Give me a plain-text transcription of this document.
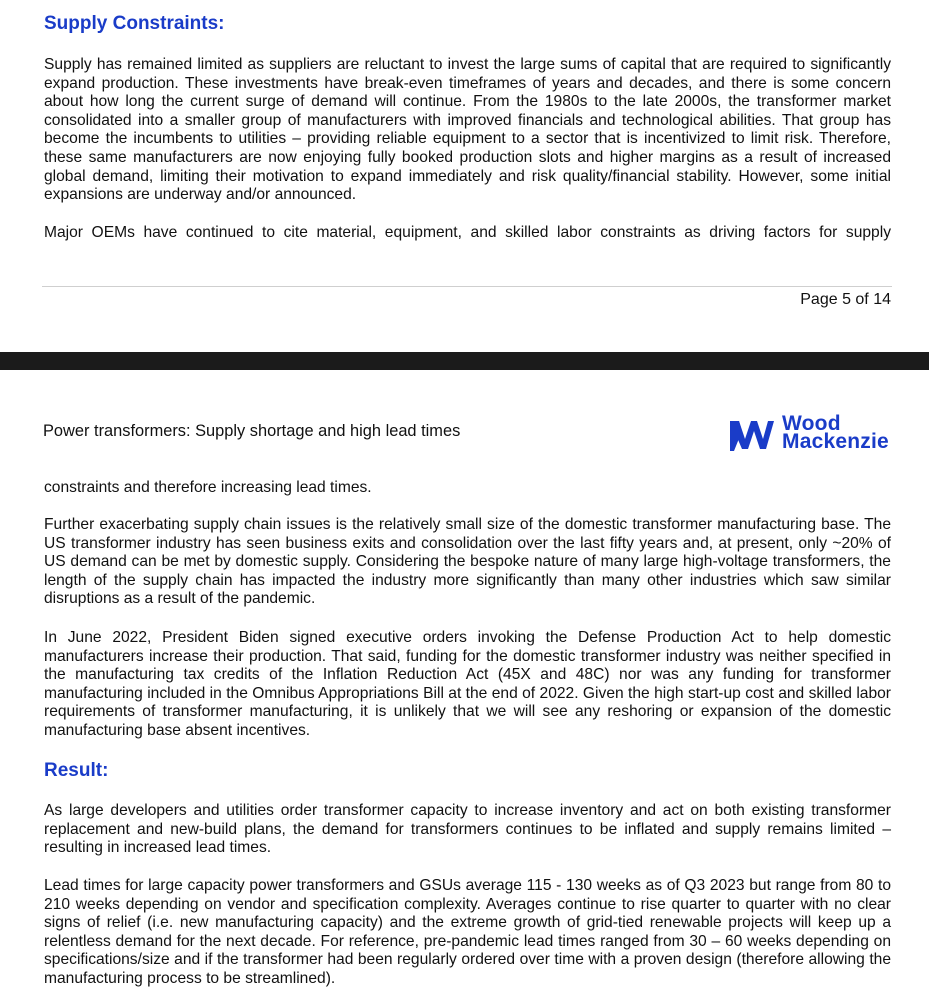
Supply Constraints:

Supply has remained limited as suppliers are reluctant to invest the large sums of capital that are required to significantly expand production. These investments have break-even timeframes of years and decades, and there is some concern about how long the current surge of demand will continue. From the 1980s to the late 2000s, the transformer market consolidated into a smaller group of manufacturers with improved financials and technological abilities. That group has become the incumbents to utilities – providing reliable equipment to a sector that is incentivized to limit risk. Therefore, these same manufacturers are now enjoying fully booked production slots and higher margins as a result of increased global demand, limiting their motivation to expand immediately and risk quality/financial stability. However, some initial expansions are underway and/or announced.

Major OEMs have continued to cite material, equipment, and skilled labor constraints as driving factors for supply

Page 5 of 14
Power transformers: Supply shortage and high lead times	Wood
Mackenzie

constraints and therefore increasing lead times.

Further exacerbating supply chain issues is the relatively small size of the domestic transformer manufacturing base. The US transformer industry has seen business exits and consolidation over the last fifty years and, at present, only ~20% of US demand can be met by domestic supply. Considering the bespoke nature of many large high-voltage transformers, the length of the supply chain has impacted the industry more significantly than many other industries which saw similar disruptions as a result of the pandemic.

In June 2022, President Biden signed executive orders invoking the Defense Production Act to help domestic manufacturers increase their production. That said, funding for the domestic transformer industry was neither specified in the manufacturing tax credits of the Inflation Reduction Act (45X and 48C) nor was any funding for transformer manufacturing included in the Omnibus Appropriations Bill at the end of 2022. Given the high start-up cost and skilled labor requirements of transformer manufacturing, it is unlikely that we will see any reshoring or expansion of the domestic manufacturing base absent incentives.

Result:

As large developers and utilities order transformer capacity to increase inventory and act on both existing transformer replacement and new-build plans, the demand for transformers continues to be inflated and supply remains limited – resulting in increased lead times.

Lead times for large capacity power transformers and GSUs average 115 - 130 weeks as of Q3 2023 but range from 80 to 210 weeks depending on vendor and specification complexity. Averages continue to rise quarter to quarter with no clear signs of relief (i.e. new manufacturing capacity) and the extreme growth of grid-tied renewable projects will keep up a relentless demand for the next decade. For reference, pre-pandemic lead times ranged from 30 – 60 weeks depending on specifications/size and if the transformer had been regularly ordered over time with a proven design (therefore allowing the manufacturing process to be streamlined).
